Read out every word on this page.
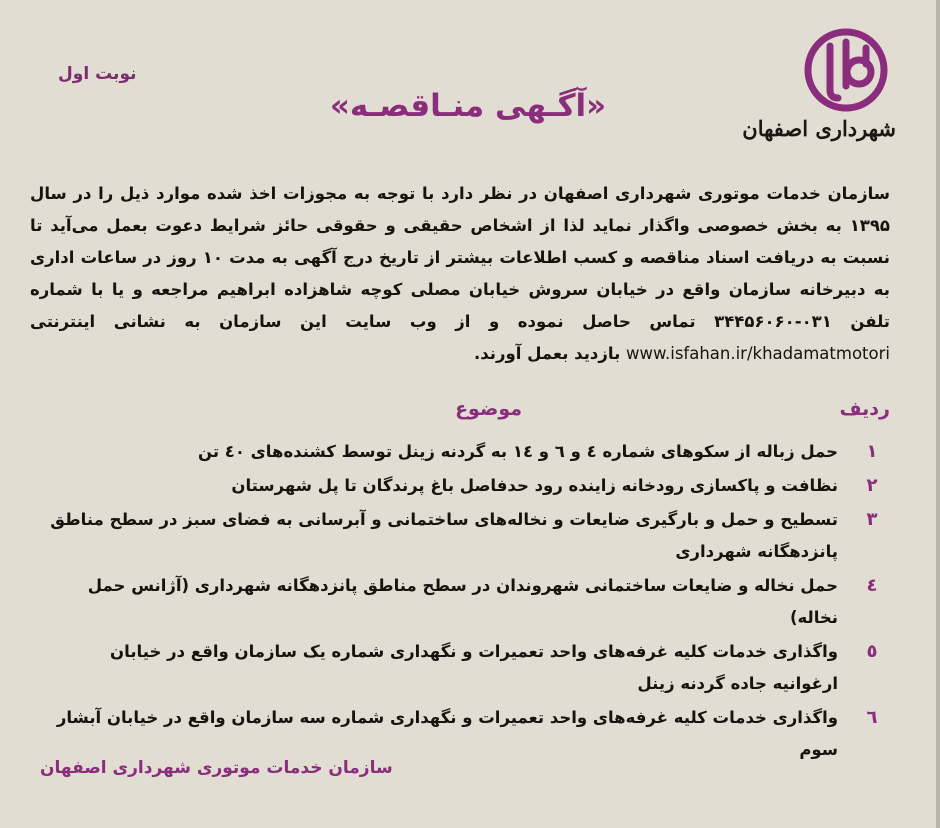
شهرداری اصفهان
نوبت اول
«آگـهی منـاقصـه»
سازمان خدمات موتوری شهرداری اصفهان در نظر دارد با توجه به مجوزات اخذ شده موارد ذیل را در سال ۱۳۹۵ به بخش خصوصی واگذار نماید لذا از اشخاص حقیقی و حقوقی حائز شرایط دعوت بعمل می‌آید تا نسبت به دریافت اسناد مناقصه و کسب اطلاعات بیشتر از تاریخ درج آگهی به مدت ۱۰ روز در ساعات اداری به دبیرخانه سازمان واقع در خیابان سروش خیابان مصلی کوچه شاهزاده ابراهیم مراجعه و یا با شماره تلفن ۰۳۱-۳۴۴۵۶۰۶۰ تماس حاصل نموده و از وب سایت این سازمان به نشانی اینترنتی www.isfahan.ir/khadamatmotori بازدید بعمل آورند.
ردیف
موضوع
۱
حمل زباله از سکوهای شماره ٤ و ٦ و ١٤ به گردنه زینل توسط کشنده‌های ٤٠ تن
۲
نظافت و پاکسازی رودخانه زاینده رود حدفاصل باغ پرندگان تا پل شهرستان
۳
تسطیح و حمل و بارگیری ضایعات و نخاله‌های ساختمانی و آبرسانی به فضای سبز در سطح مناطق پانزدهگانه شهرداری
٤
حمل نخاله و ضایعات ساختمانی شهروندان در سطح مناطق پانزدهگانه شهرداری (آژانس حمل نخاله)
٥
واگذاری خدمات کلیه غرفه‌های واحد تعمیرات و نگهداری شماره یک سازمان واقع در خیابان ارغوانیه جاده گردنه زینل
٦
واگذاری خدمات کلیه غرفه‌های واحد تعمیرات و نگهداری شماره سه سازمان واقع در خیابان آبشار سوم
سازمان خدمات موتوری شهرداری اصفهان
